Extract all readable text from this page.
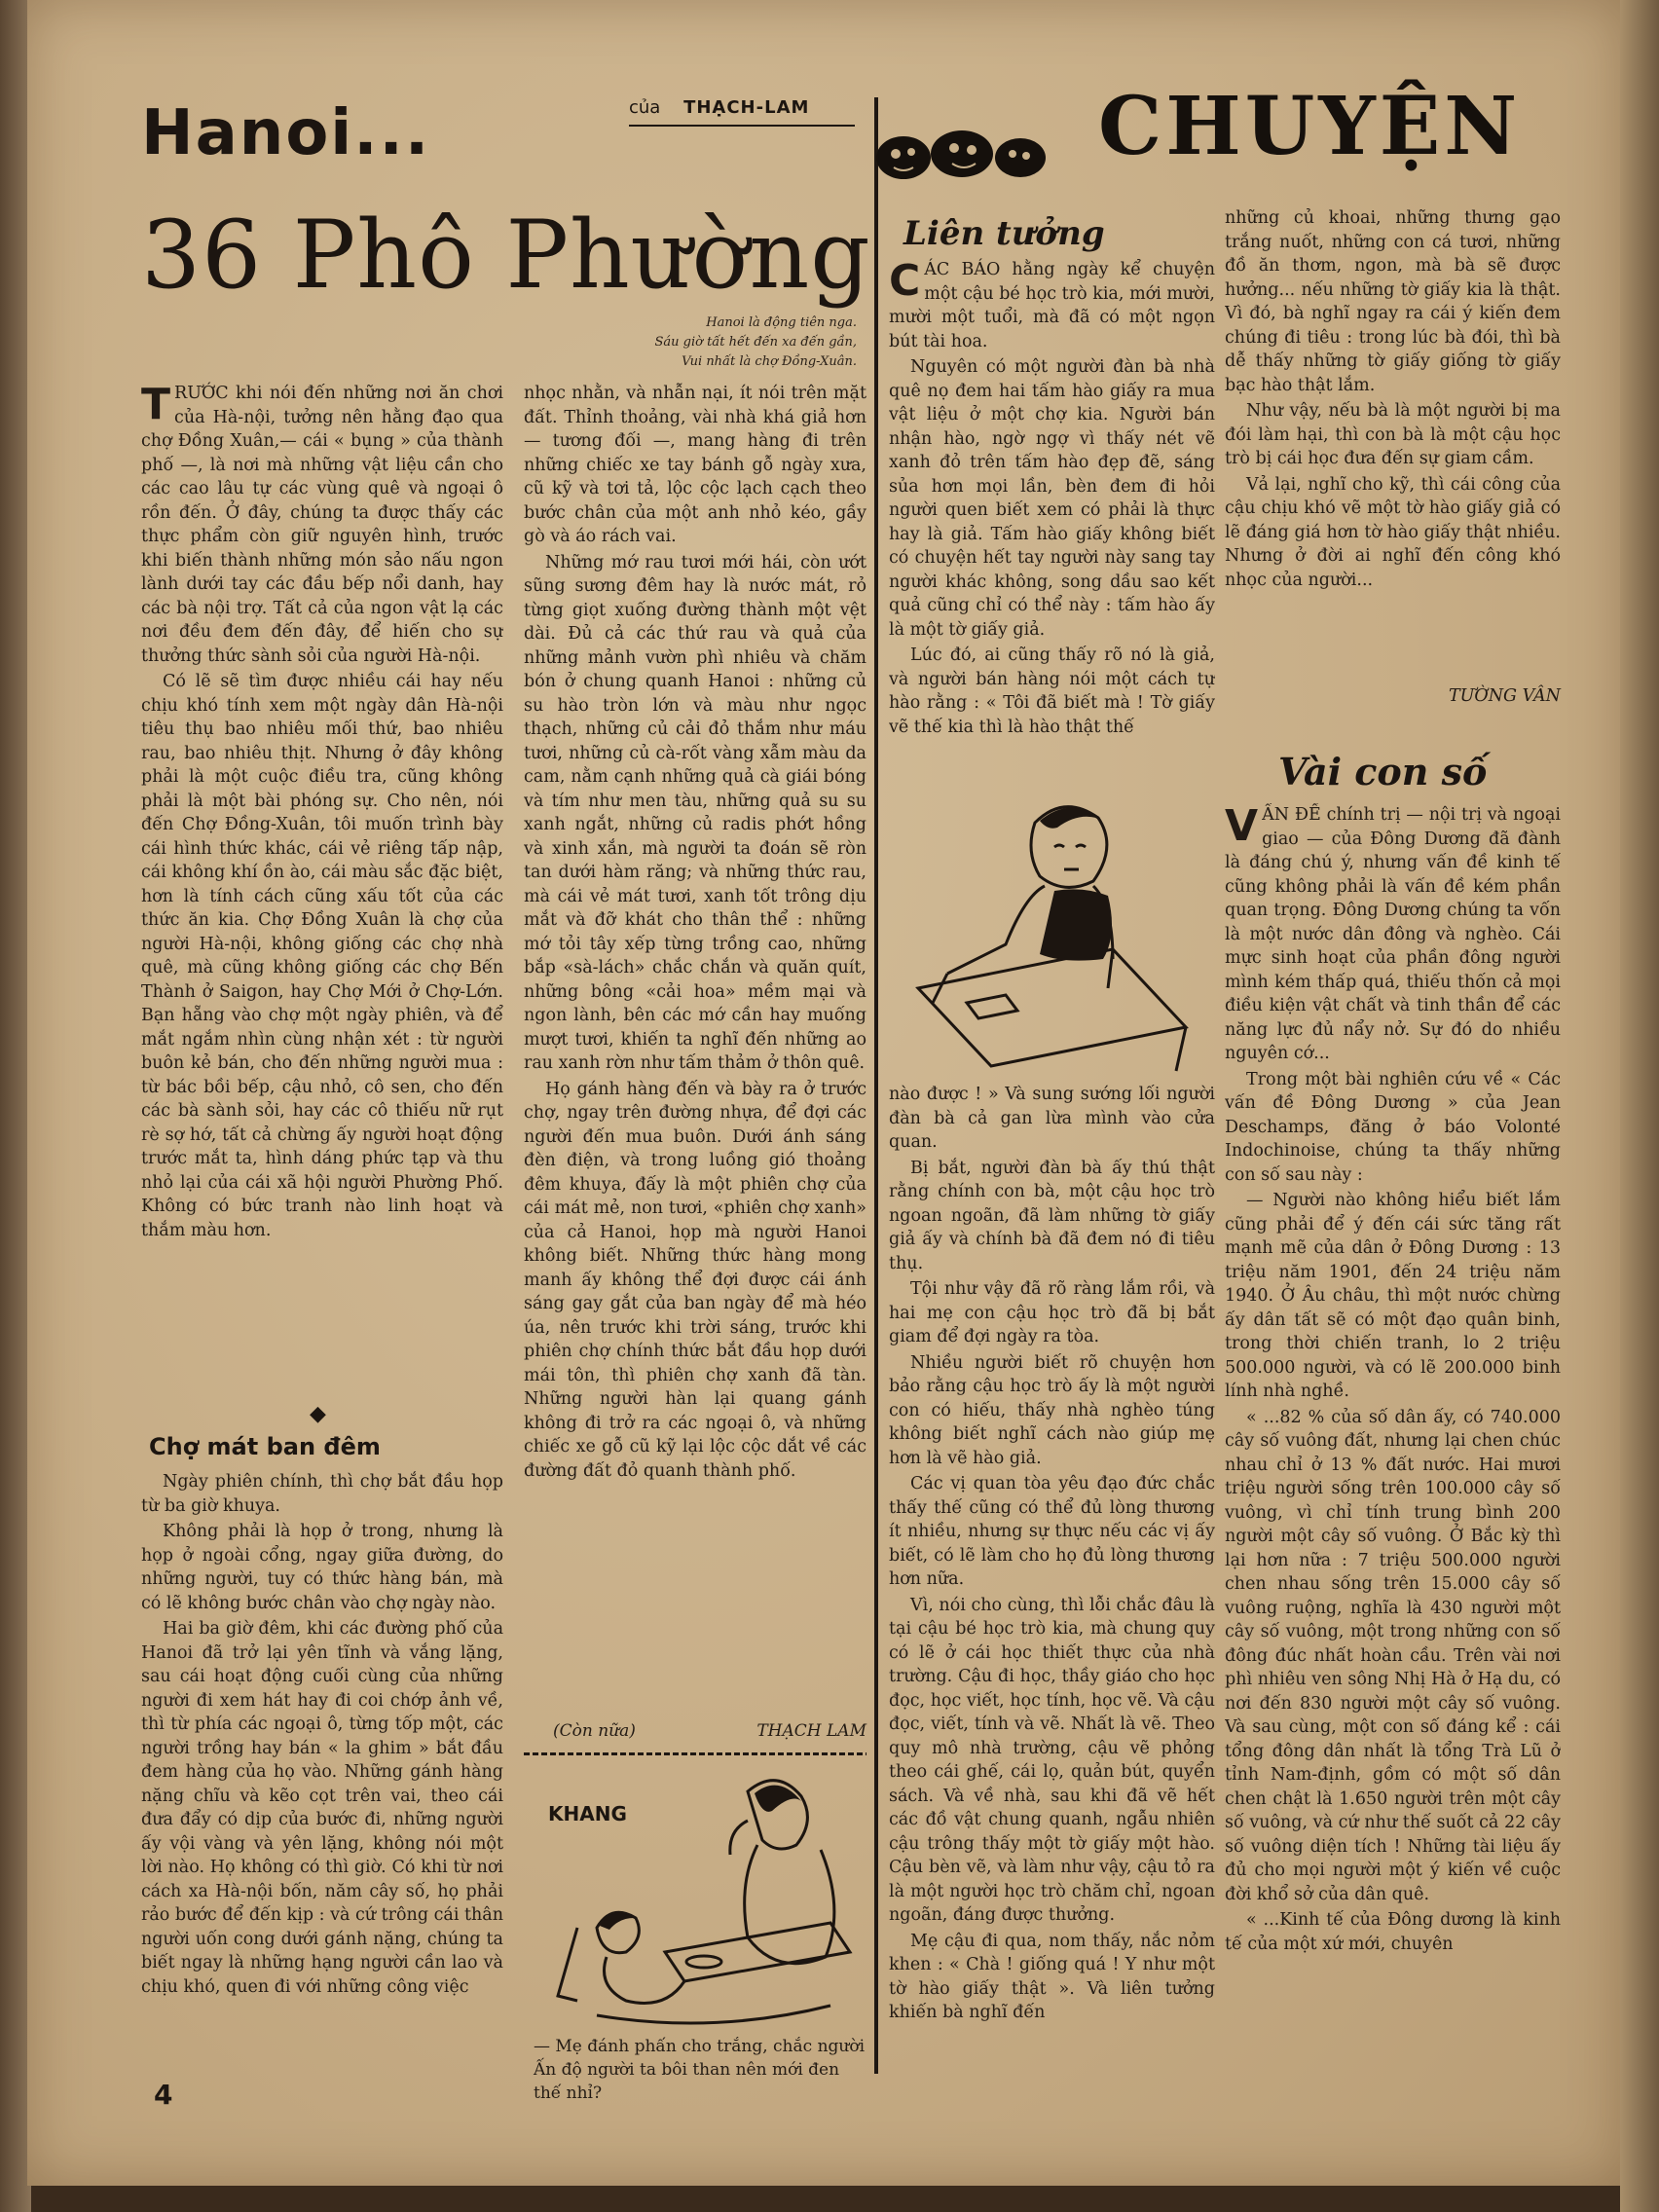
Hanoi...	của THẠCH-LAM
36 Phô Phường
Hanoi là động tiên nga.
Sáu giờ tất hết đến xa đến gần,
Vui nhất là chợ Đồng-Xuân.

TRƯỚC khi nói đến những nơi ăn chơi của Hà-nội, tưởng nên hằng đạo qua chợ Đồng Xuân,— cái « bụng » của thành phố —, là nơi mà những vật liệu cần cho các cao lâu tự các vùng quê và ngoại ô rồn đến. Ở đây, chúng ta được thấy các thực phẩm còn giữ nguyên hình, trước khi biến thành những món sảo nấu ngon lành dưới tay các đầu bếp nổi danh, hay các bà nội trợ. Tất cả của ngon vật lạ các nơi đều đem đến đây, để hiến cho sự thưởng thức sành sỏi của người Hà-nội.

Có lẽ sẽ tìm được nhiều cái hay nếu chịu khó tính xem một ngày dân Hà-nội tiêu thụ bao nhiêu mối thứ, bao nhiêu rau, bao nhiêu thịt. Nhưng ở đây không phải là một cuộc điều tra, cũng không phải là một bài phóng sự. Cho nên, nói đến Chợ Đồng-Xuân, tôi muốn trình bày cái hình thức khác, cái vẻ riêng tấp nập, cái không khí ồn ào, cái màu sắc đặc biệt, hơn là tính cách cũng xấu tốt của các thức ăn kia. Chợ Đồng Xuân là chợ của người Hà-nội, không giống các chợ nhà quê, mà cũng không giống các chợ Bến Thành ở Saigon, hay Chợ Mới ở Chợ-Lớn. Bạn hẵng vào chợ một ngày phiên, và để mắt ngắm nhìn cùng nhận xét : từ người buôn kẻ bán, cho đến những người mua : từ bác bồi bếp, cậu nhỏ, cô sen, cho đến các bà sành sỏi, hay các cô thiếu nữ rụt rè sợ hớ, tất cả chừng ấy người hoạt động trước mắt ta, hình dáng phức tạp và thu nhỏ lại của cái xã hội người Phường Phố. Không có bức tranh nào linh hoạt và thắm màu hơn.

◆
Chợ mát ban đêm

Ngày phiên chính, thì chợ bắt đầu họp từ ba giờ khuya.

Không phải là họp ở trong, nhưng là họp ở ngoài cổng, ngay giữa đường, do những người, tuy có thức hàng bán, mà có lẽ không bước chân vào chợ ngày nào.

Hai ba giờ đêm, khi các đường phố của Hanoi đã trở lại yên tĩnh và vắng lặng, sau cái hoạt động cuối cùng của những người đi xem hát hay đi coi chớp ảnh về, thì từ phía các ngoại ô, từng tốp một, các người trồng hay bán « la ghim » bắt đầu đem hàng của họ vào. Những gánh hàng nặng chĩu và kẽo cọt trên vai, theo cái đưa đẩy có dịp của bước đi, những người ấy vội vàng và yên lặng, không nói một lời nào. Họ không có thì giờ. Có khi từ nơi cách xa Hà-nội bốn, năm cây số, họ phải rảo bước để đến kịp : và cứ trông cái thân người uốn cong dưới gánh nặng, chúng ta biết ngay là những hạng người cần lao và chịu khó, quen đi với những công việc

nhọc nhằn, và nhẫn nại, ít nói trên mặt đất. Thỉnh thoảng, vài nhà khá giả hơn — tương đối —, mang hàng đi trên những chiếc xe tay bánh gỗ ngày xưa, cũ kỹ và tơi tả, lộc cộc lạch cạch theo bước chân của một anh nhỏ kéo, gầy gò và áo rách vai.

Những mớ rau tươi mới hái, còn ướt sũng sương đêm hay là nước mát, rỏ từng giọt xuống đường thành một vệt dài. Đủ cả các thứ rau và quả của những mảnh vườn phì nhiêu và chăm bón ở chung quanh Hanoi : những củ su hào tròn lớn và màu như ngọc thạch, những củ cải đỏ thắm như máu tươi, những củ cà-rốt vàng xẫm màu da cam, nằm cạnh những quả cà giái bóng và tím như men tàu, những quả su su xanh ngắt, những củ radis phớt hồng và xinh xắn, mà người ta đoán sẽ ròn tan dưới hàm răng; và những thức rau, mà cái vẻ mát tươi, xanh tốt trông dịu mắt và đỡ khát cho thân thể : những mớ tỏi tây xếp từng trồng cao, những bắp «sà-lách» chắc chắn và quăn quít, những bông «cải hoa» mềm mại và ngon lành, bên các mớ cần hay muống mượt tươi, khiến ta nghĩ đến những ao rau xanh rờn như tấm thảm ở thôn quê.

Họ gánh hàng đến và bày ra ở trước chợ, ngay trên đường nhựa, để đợi các người đến mua buôn. Dưới ánh sáng đèn điện, và trong luồng gió thoảng đêm khuya, đấy là một phiên chợ của cái mát mẻ, non tươi, «phiên chợ xanh» của cả Hanoi, họp mà người Hanoi không biết. Những thức hàng mong manh ấy không thể đợi được cái ánh sáng gay gắt của ban ngày để mà héo úa, nên trước khi trời sáng, trước khi phiên chợ chính thức bắt đầu họp dưới mái tôn, thì phiên chợ xanh đã tàn. Những người hàn lại quang gánh không đi trở ra các ngoại ô, và những chiếc xe gỗ cũ kỹ lại lộc cộc dắt về các đường đất đỏ quanh thành phố.

(Còn nữa)	THẠCH LAM
KHANG
— Mẹ đánh phấn cho trắng, chắc người Ấn độ người ta bôi than nên mới đen thế nhỉ?
4
CHUYỆN
Liên tưởng

CÁC BÁO hằng ngày kể chuyện một cậu bé học trò kia, mới mười, mười một tuổi, mà đã có một ngọn bút tài hoa.

Nguyên có một người đàn bà nhà quê nọ đem hai tấm hào giấy ra mua vật liệu ở một chợ kia. Người bán nhận hào, ngờ ngợ vì thấy nét vẽ xanh đỏ trên tấm hào đẹp đẽ, sáng sủa hơn mọi lần, bèn đem đi hỏi người quen biết xem có phải là thực hay là giả. Tấm hào giấy không biết có chuyện hết tay người này sang tay người khác không, song dầu sao kết quả cũng chỉ có thể này : tấm hào ấy là một tờ giấy giả.

Lúc đó, ai cũng thấy rõ nó là giả, và người bán hàng nói một cách tự hào rằng : « Tôi đã biết mà ! Tờ giấy vẽ thế kia thì là hào thật thế

nào được ! » Và sung sướng lối người đàn bà cả gan lừa mình vào cửa quan.

Bị bắt, người đàn bà ấy thú thật rằng chính con bà, một cậu học trò ngoan ngoãn, đã làm những tờ giấy giả ấy và chính bà đã đem nó đi tiêu thụ.

Tội như vậy đã rõ ràng lắm rồi, và hai mẹ con cậu học trò đã bị bắt giam để đợi ngày ra tòa.

Nhiều người biết rõ chuyện hơn bảo rằng cậu học trò ấy là một người con có hiếu, thấy nhà nghèo túng không biết nghĩ cách nào giúp mẹ hơn là vẽ hào giả.

Các vị quan tòa yêu đạo đức chắc thấy thế cũng có thể đủ lòng thương ít nhiều, nhưng sự thực nếu các vị ấy biết, có lẽ làm cho họ đủ lòng thương hơn nữa.

Vì, nói cho cùng, thì lỗi chắc đâu là tại cậu bé học trò kia, mà chung quy có lẽ ở cái học thiết thực của nhà trường. Cậu đi học, thầy giáo cho học đọc, học viết, học tính, học vẽ. Và cậu đọc, viết, tính và vẽ. Nhất là vẽ. Theo quy mô nhà trường, cậu vẽ phỏng theo cái ghế, cái lọ, quản bút, quyển sách. Và về nhà, sau khi đã vẽ hết các đồ vật chung quanh, ngẫu nhiên cậu trông thấy một tờ giấy một hào. Cậu bèn vẽ, và làm như vậy, cậu tỏ ra là một người học trò chăm chỉ, ngoan ngoãn, đáng được thưởng.

Mẹ cậu đi qua, nom thấy, nắc nỏm khen : « Chà ! giống quá ! Y như một tờ hào giấy thật ». Và liên tưởng khiến bà nghĩ đến

những củ khoai, những thưng gạo trắng nuốt, những con cá tươi, những đồ ăn thơm, ngon, mà bà sẽ được hưởng... nếu những tờ giấy kia là thật. Vì đó, bà nghĩ ngay ra cái ý kiến đem chúng đi tiêu : trong lúc bà đói, thì bà dễ thấy những tờ giấy giống tờ giấy bạc hào thật lắm.

Như vậy, nếu bà là một người bị ma đói làm hại, thì con bà là một cậu học trò bị cái học đưa đến sự giam cầm.

Vả lại, nghĩ cho kỹ, thì cái công của cậu chịu khó vẽ một tờ hào giấy giả có lẽ đáng giá hơn tờ hào giấy thật nhiều. Nhưng ở đời ai nghĩ đến công khó nhọc của người...

TƯỜNG VÂN
Vài con số

VẤN ĐỀ chính trị — nội trị và ngoại giao — của Đông Dương đã đành là đáng chú ý, nhưng vấn đề kinh tế cũng không phải là vấn đề kém phần quan trọng. Đông Dương chúng ta vốn là một nước dân đông và nghèo. Cái mực sinh hoạt của phần đông người mình kém thấp quá, thiếu thốn cả mọi điều kiện vật chất và tinh thần để các năng lực đủ nẩy nở. Sự đó do nhiều nguyên cớ...

Trong một bài nghiên cứu về « Các vấn đề Đông Dương » của Jean Deschamps, đăng ở báo Volonté Indochinoise, chúng ta thấy những con số sau này :

— Người nào không hiểu biết lắm cũng phải để ý đến cái sức tăng rất mạnh mẽ của dân ở Đông Dương : 13 triệu năm 1901, đến 24 triệu năm 1940. Ở Âu châu, thì một nước chừng ấy dân tất sẽ có một đạo quân binh, trong thời chiến tranh, lo 2 triệu 500.000 người, và có lẽ 200.000 binh lính nhà nghề.

« ...82 % của số dân ấy, có 740.000 cây số vuông đất, nhưng lại chen chúc nhau chỉ ở 13 % đất nước. Hai mươi triệu người sống trên 100.000 cây số vuông, vì chỉ tính trung bình 200 người một cây số vuông. Ở Bắc kỳ thì lại hơn nữa : 7 triệu 500.000 người chen nhau sống trên 15.000 cây số vuông ruộng, nghĩa là 430 người một cây số vuông, một trong những con số đông đúc nhất hoàn cầu. Trên vài nơi phì nhiêu ven sông Nhị Hà ở Hạ du, có nơi đến 830 người một cây số vuông. Và sau cùng, một con số đáng kể : cái tổng đông dân nhất là tổng Trà Lũ ở tỉnh Nam-định, gồm có một số dân chen chật là 1.650 người trên một cây số vuông, và cứ như thế suốt cả 22 cây số vuông diện tích ! Những tài liệu ấy đủ cho mọi người một ý kiến về cuộc đời khổ sở của dân quê.

« ...Kinh tế của Đông dương là kinh tế của một xứ mới, chuyên
